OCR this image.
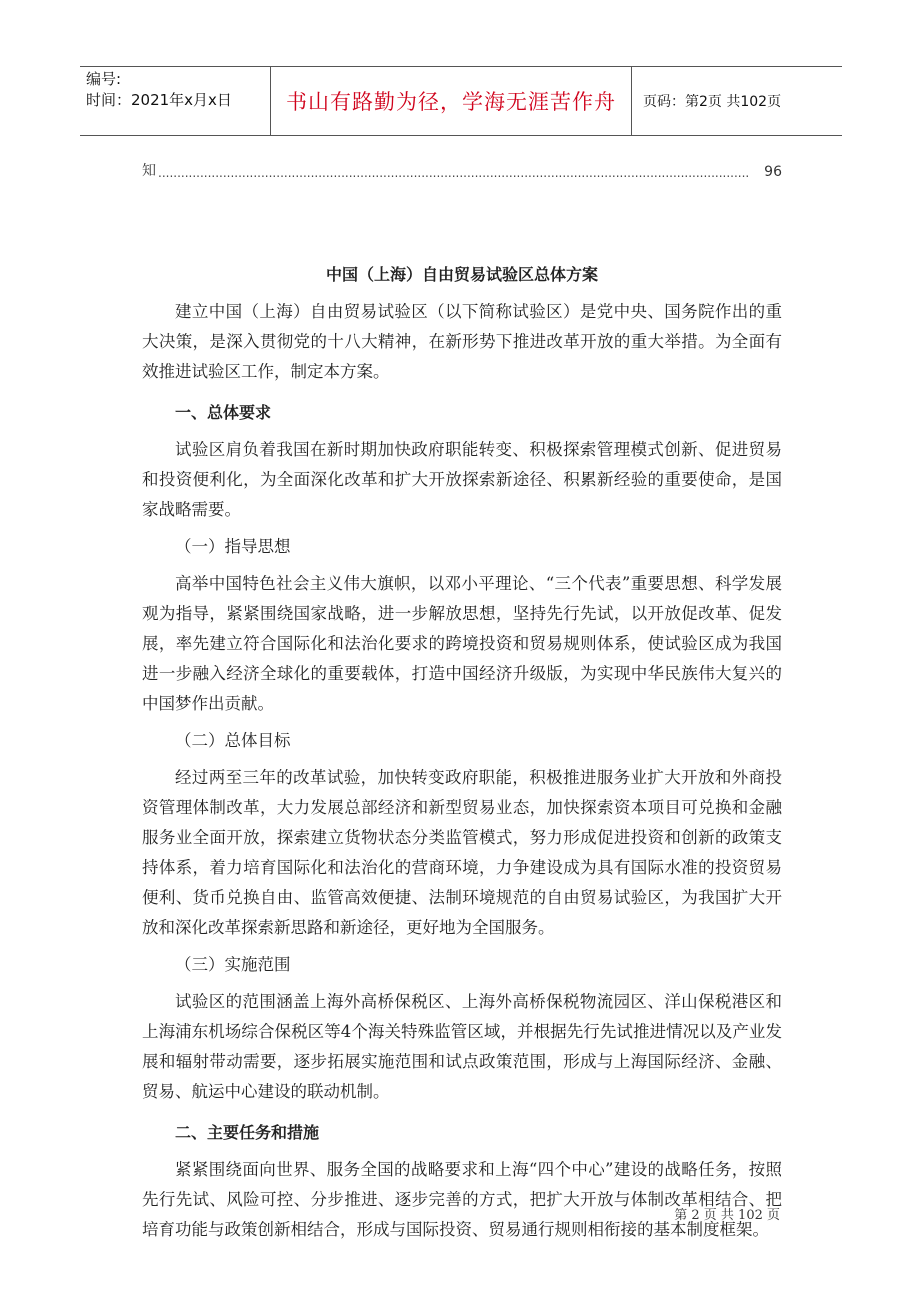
编号:
时间：2021年x月x日	书山有路勤为径，学海无涯苦作舟	页码：第2页 共102页
知 ...........................................................................................................................................................	96
中国（上海）自由贸易试验区总体方案

建立中国（上海）自由贸易试验区（以下简称试验区）是党中央、国务院作出的重大决策，是深入贯彻党的十八大精神，在新形势下推进改革开放的重大举措。为全面有效推进试验区工作，制定本方案。

一、总体要求

试验区肩负着我国在新时期加快政府职能转变、积极探索管理模式创新、促进贸易和投资便利化，为全面深化改革和扩大开放探索新途径、积累新经验的重要使命，是国家战略需要。

（一）指导思想

高举中国特色社会主义伟大旗帜，以邓小平理论、“三个代表”重要思想、科学发展观为指导，紧紧围绕国家战略，进一步解放思想，坚持先行先试，以开放促改革、促发展，率先建立符合国际化和法治化要求的跨境投资和贸易规则体系，使试验区成为我国进一步融入经济全球化的重要载体，打造中国经济升级版，为实现中华民族伟大复兴的中国梦作出贡献。

（二）总体目标

经过两至三年的改革试验，加快转变政府职能，积极推进服务业扩大开放和外商投资管理体制改革，大力发展总部经济和新型贸易业态，加快探索资本项目可兑换和金融服务业全面开放，探索建立货物状态分类监管模式，努力形成促进投资和创新的政策支持体系，着力培育国际化和法治化的营商环境，力争建设成为具有国际水准的投资贸易便利、货币兑换自由、监管高效便捷、法制环境规范的自由贸易试验区，为我国扩大开放和深化改革探索新思路和新途径，更好地为全国服务。

（三）实施范围

试验区的范围涵盖上海外高桥保税区、上海外高桥保税物流园区、洋山保税港区和上海浦东机场综合保税区等4个海关特殊监管区域，并根据先行先试推进情况以及产业发展和辐射带动需要，逐步拓展实施范围和试点政策范围，形成与上海国际经济、金融、贸易、航运中心建设的联动机制。

二、主要任务和措施

紧紧围绕面向世界、服务全国的战略要求和上海“四个中心”建设的战略任务，按照先行先试、风险可控、分步推进、逐步完善的方式，把扩大开放与体制改革相结合、把培育功能与政策创新相结合，形成与国际投资、贸易通行规则相衔接的基本制度框架。

第 2 页 共 102 页
